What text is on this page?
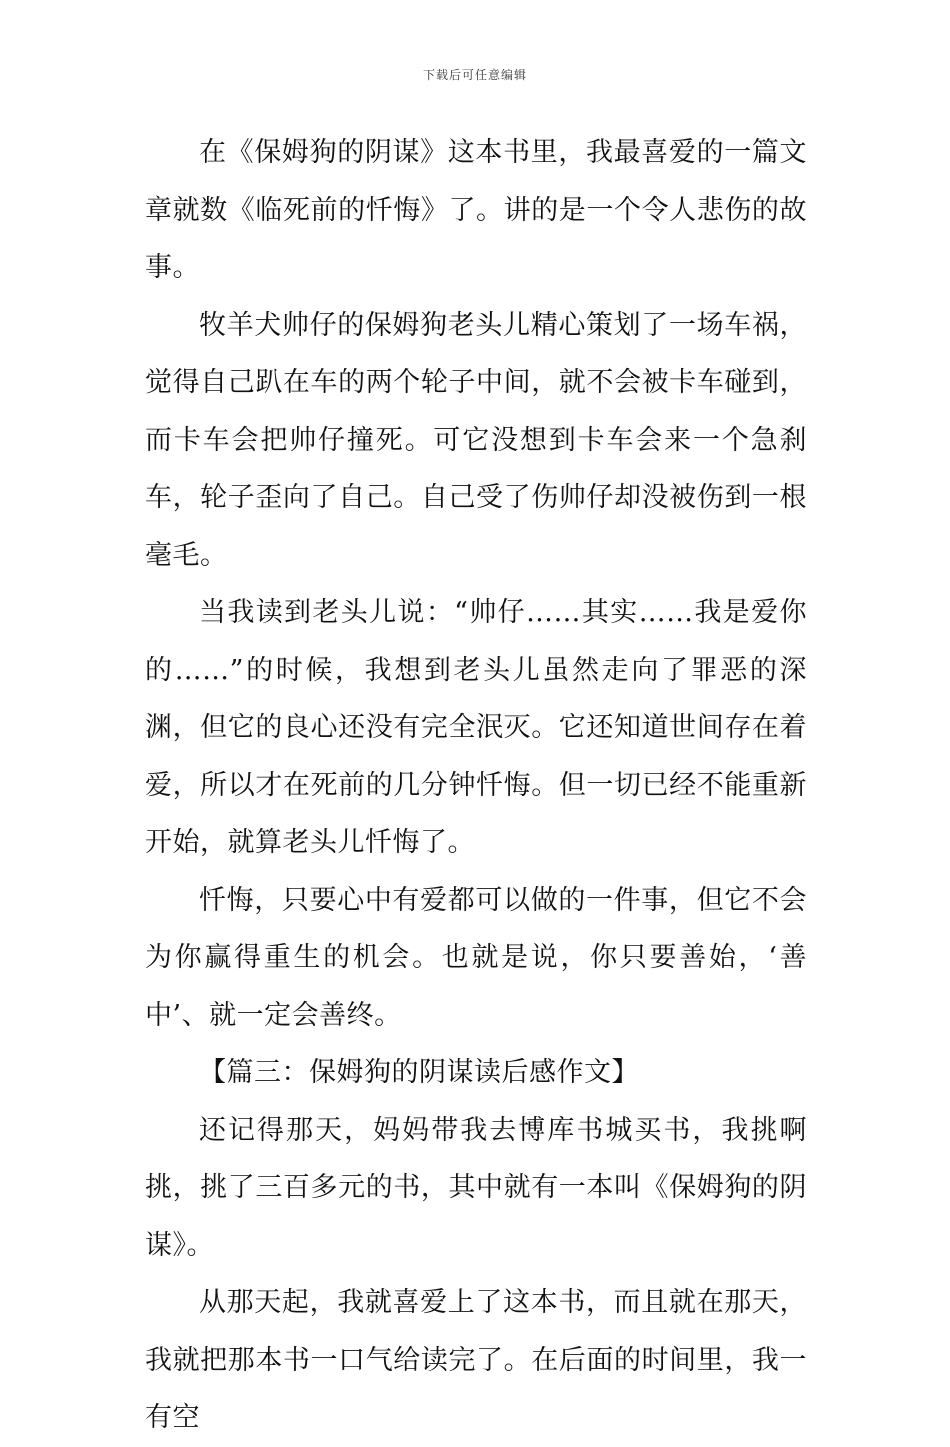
下载后可任意编辑

在《保姆狗的阴谋》这本书里，我最喜爱的一篇文章就数《临死前的忏悔》了。讲的是一个令人悲伤的故事。

牧羊犬帅仔的保姆狗老头儿精心策划了一场车祸，觉得自己趴在车的两个轮子中间，就不会被卡车碰到，而卡车会把帅仔撞死。可它没想到卡车会来一个急刹车，轮子歪向了自己。自己受了伤帅仔却没被伤到一根毫毛。

当我读到老头儿说：“帅仔……其实……我是爱你的……”的时候，我想到老头儿虽然走向了罪恶的深渊，但它的良心还没有完全泯灭。它还知道世间存在着爱，所以才在死前的几分钟忏悔。但一切已经不能重新开始，就算老头儿忏悔了。

忏悔，只要心中有爱都可以做的一件事，但它不会为你赢得重生的机会。也就是说，你只要善始，‘善中’、就一定会善终。

【篇三：保姆狗的阴谋读后感作文】

还记得那天，妈妈带我去博库书城买书，我挑啊挑，挑了三百多元的书，其中就有一本叫《保姆狗的阴谋》。

从那天起，我就喜爱上了这本书，而且就在那天，我就把那本书一口气给读完了。在后面的时间里，我一有空
